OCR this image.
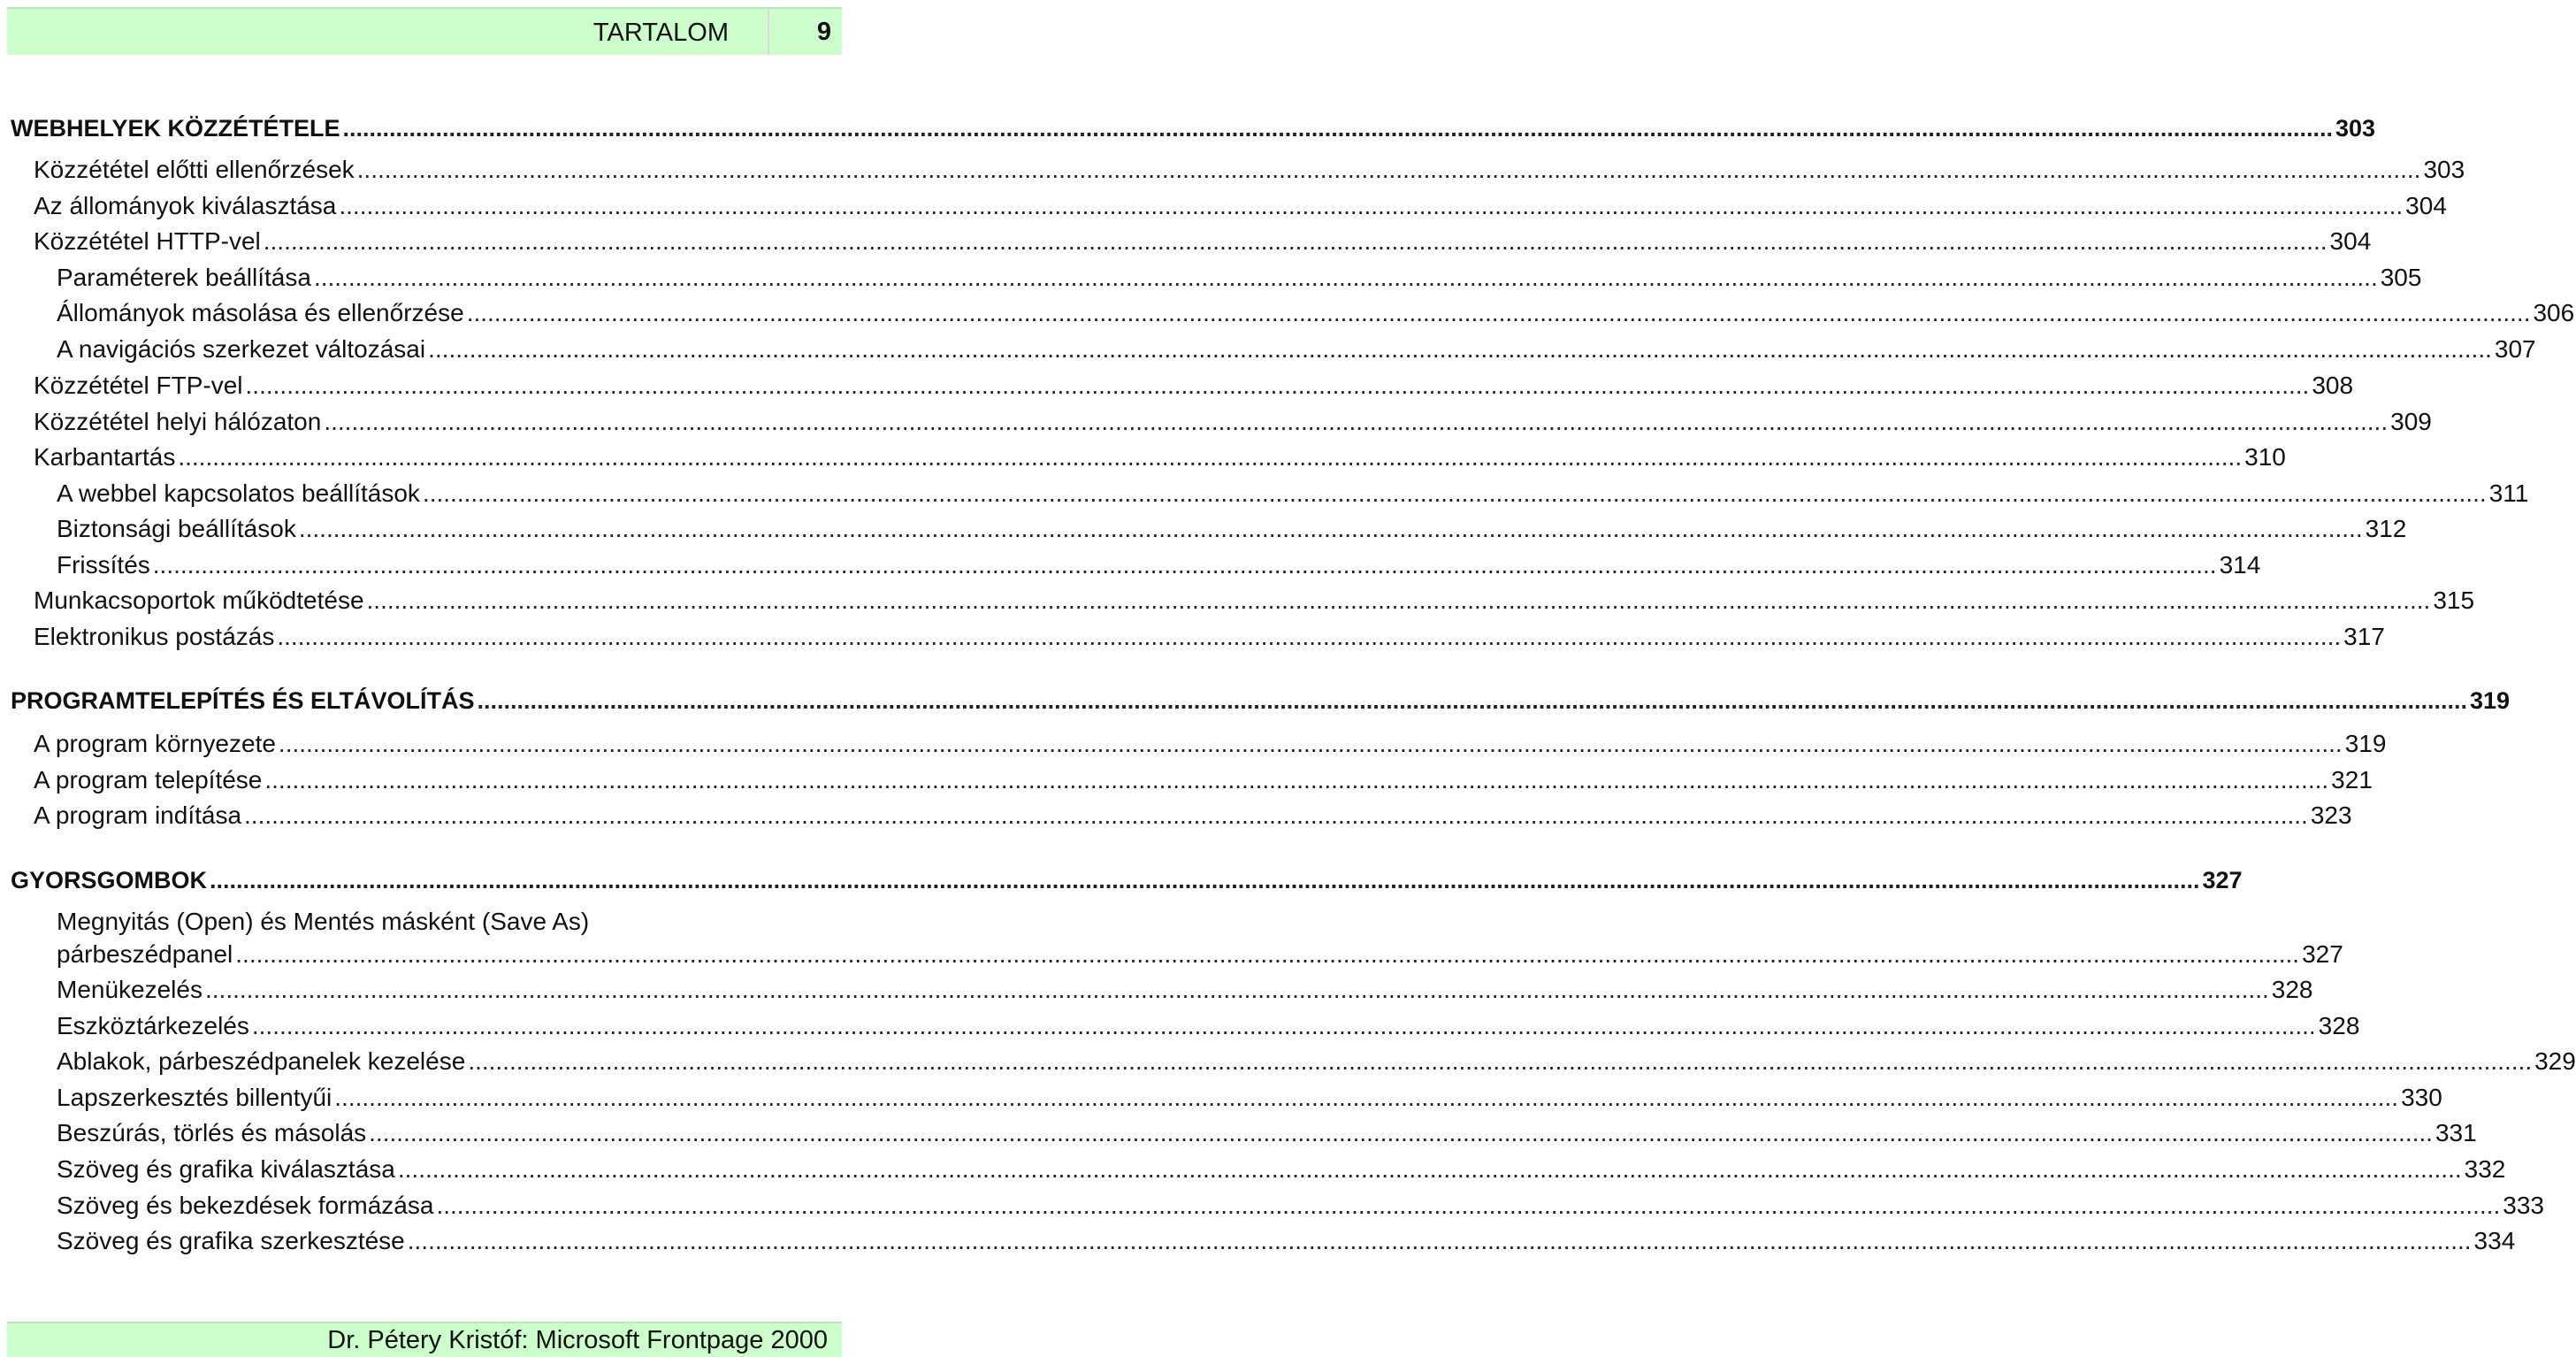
TARTALOM	9
WEBHELYEK KÖZZÉTÉTELE ............................................................................................................................................................................................................................................................................................................ 303
Közzététel előtti ellenőrzések ............................................................................................................................................................................................................................................................................................................ 303
Az állományok kiválasztása ............................................................................................................................................................................................................................................................................................................ 304
Közzététel HTTP-vel ............................................................................................................................................................................................................................................................................................................ 304
Paraméterek beállítása ............................................................................................................................................................................................................................................................................................................ 305
Állományok másolása és ellenőrzése ............................................................................................................................................................................................................................................................................................................ 306
A navigációs szerkezet változásai ............................................................................................................................................................................................................................................................................................................ 307
Közzététel FTP-vel ............................................................................................................................................................................................................................................................................................................ 308
Közzététel helyi hálózaton ............................................................................................................................................................................................................................................................................................................ 309
Karbantartás ............................................................................................................................................................................................................................................................................................................ 310
A webbel kapcsolatos beállítások ............................................................................................................................................................................................................................................................................................................ 311
Biztonsági beállítások ............................................................................................................................................................................................................................................................................................................ 312
Frissítés ............................................................................................................................................................................................................................................................................................................ 314
Munkacsoportok működtetése ............................................................................................................................................................................................................................................................................................................ 315
Elektronikus postázás ............................................................................................................................................................................................................................................................................................................ 317
PROGRAMTELEPÍTÉS ÉS ELTÁVOLÍTÁS ............................................................................................................................................................................................................................................................................................................ 319
A program környezete ............................................................................................................................................................................................................................................................................................................ 319
A program telepítése ............................................................................................................................................................................................................................................................................................................ 321
A program indítása ............................................................................................................................................................................................................................................................................................................ 323
GYORSGOMBOK ............................................................................................................................................................................................................................................................................................................ 327
Megnyitás (Open) és Mentés másként (Save As)
párbeszédpanel ............................................................................................................................................................................................................................................................................................................ 327
Menükezelés ............................................................................................................................................................................................................................................................................................................ 328
Eszköztárkezelés ............................................................................................................................................................................................................................................................................................................ 328
Ablakok, párbeszédpanelek kezelése ............................................................................................................................................................................................................................................................................................................ 329
Lapszerkesztés billentyűi ............................................................................................................................................................................................................................................................................................................ 330
Beszúrás, törlés és másolás ............................................................................................................................................................................................................................................................................................................ 331
Szöveg és grafika kiválasztása ............................................................................................................................................................................................................................................................................................................ 332
Szöveg és bekezdések formázása ............................................................................................................................................................................................................................................................................................................ 333
Szöveg és grafika szerkesztése ............................................................................................................................................................................................................................................................................................................ 334
Dr. Pétery Kristóf: Microsoft Frontpage 2000
